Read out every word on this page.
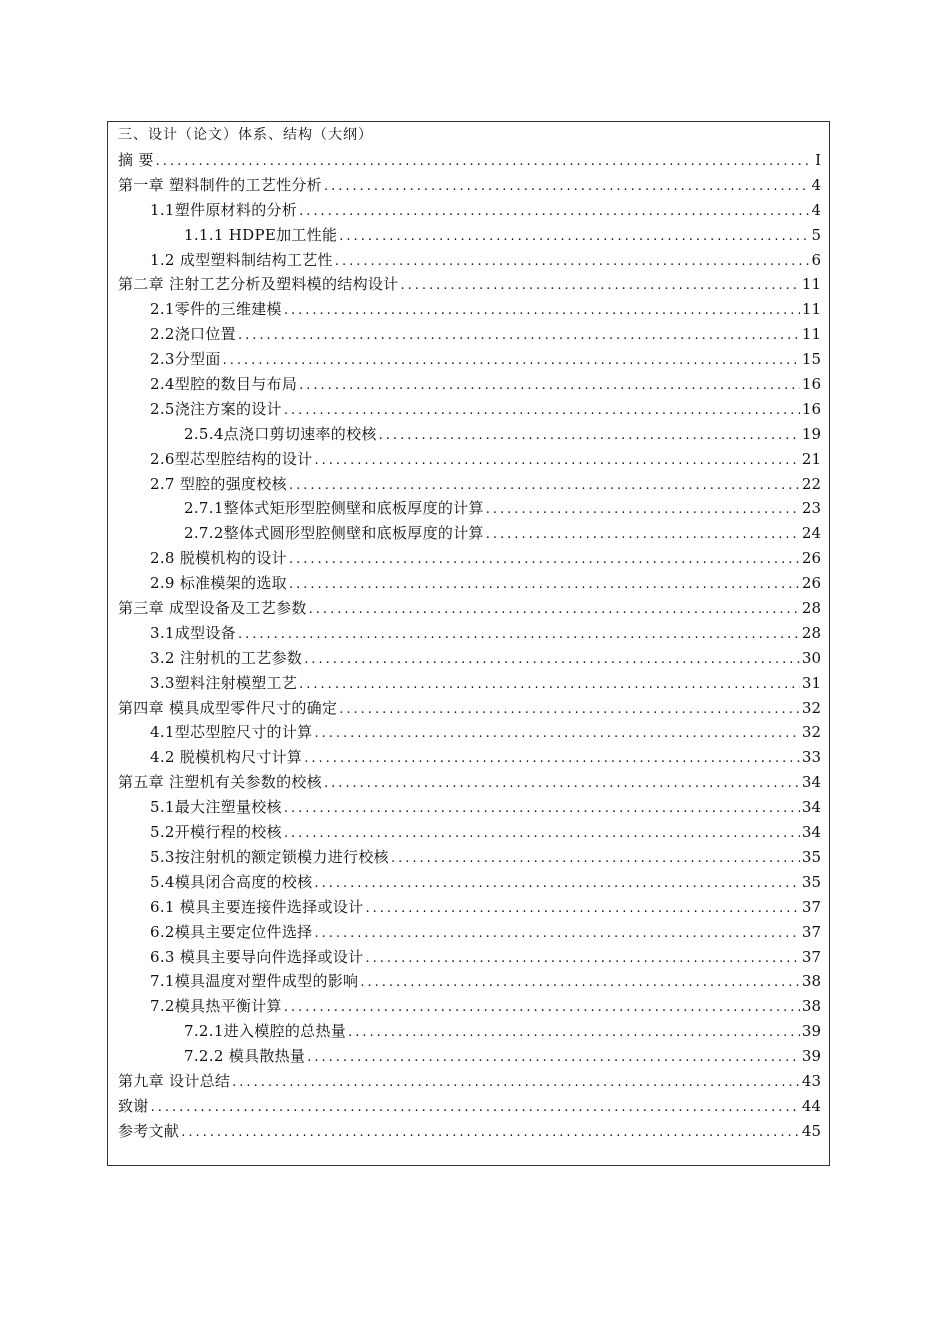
三、设计（论文）体系、结构（大纲）
摘 要 .....	I
第一章 塑料制件的工艺性分析 .....	4
1.1塑件原材料的分析 .....	4
1.1.1 HDPE加工性能 .....	5
1.2 成型塑料制结构工艺性 .....	6
第二章 注射工艺分析及塑料模的结构设计 .....	11
2.1零件的三维建模 .....	11
2.2浇口位置 .....	11
2.3分型面 .....	15
2.4型腔的数目与布局 .....	16
2.5浇注方案的设计 .....	16
2.5.4点浇口剪切速率的校核 .....	19
2.6型芯型腔结构的设计 .....	21
2.7 型腔的强度校核 .....	22
2.7.1整体式矩形型腔侧壁和底板厚度的计算 .....	23
2.7.2整体式圆形型腔侧壁和底板厚度的计算 .....	24
2.8 脱模机构的设计 .....	26
2.9 标准模架的选取 .....	26
第三章 成型设备及工艺参数 .....	28
3.1成型设备 .....	28
3.2 注射机的工艺参数 .....	30
3.3塑料注射模塑工艺 .....	31
第四章 模具成型零件尺寸的确定 .....	32
4.1型芯型腔尺寸的计算 .....	32
4.2 脱模机构尺寸计算 .....	33
第五章 注塑机有关参数的校核 .....	34
5.1最大注塑量校核 .....	34
5.2开模行程的校核 .....	34
5.3按注射机的额定锁模力进行校核 .....	35
5.4模具闭合高度的校核 .....	35
6.1 模具主要连接件选择或设计 .....	37
6.2模具主要定位件选择 .....	37
6.3 模具主要导向件选择或设计 .....	37
7.1模具温度对塑件成型的影响 .....	38
7.2模具热平衡计算 .....	38
7.2.1进入模腔的总热量 .....	39
7.2.2 模具散热量 .....	39
第九章 设计总结 .....	43
致谢 .....	44
参考文献 .....	45
